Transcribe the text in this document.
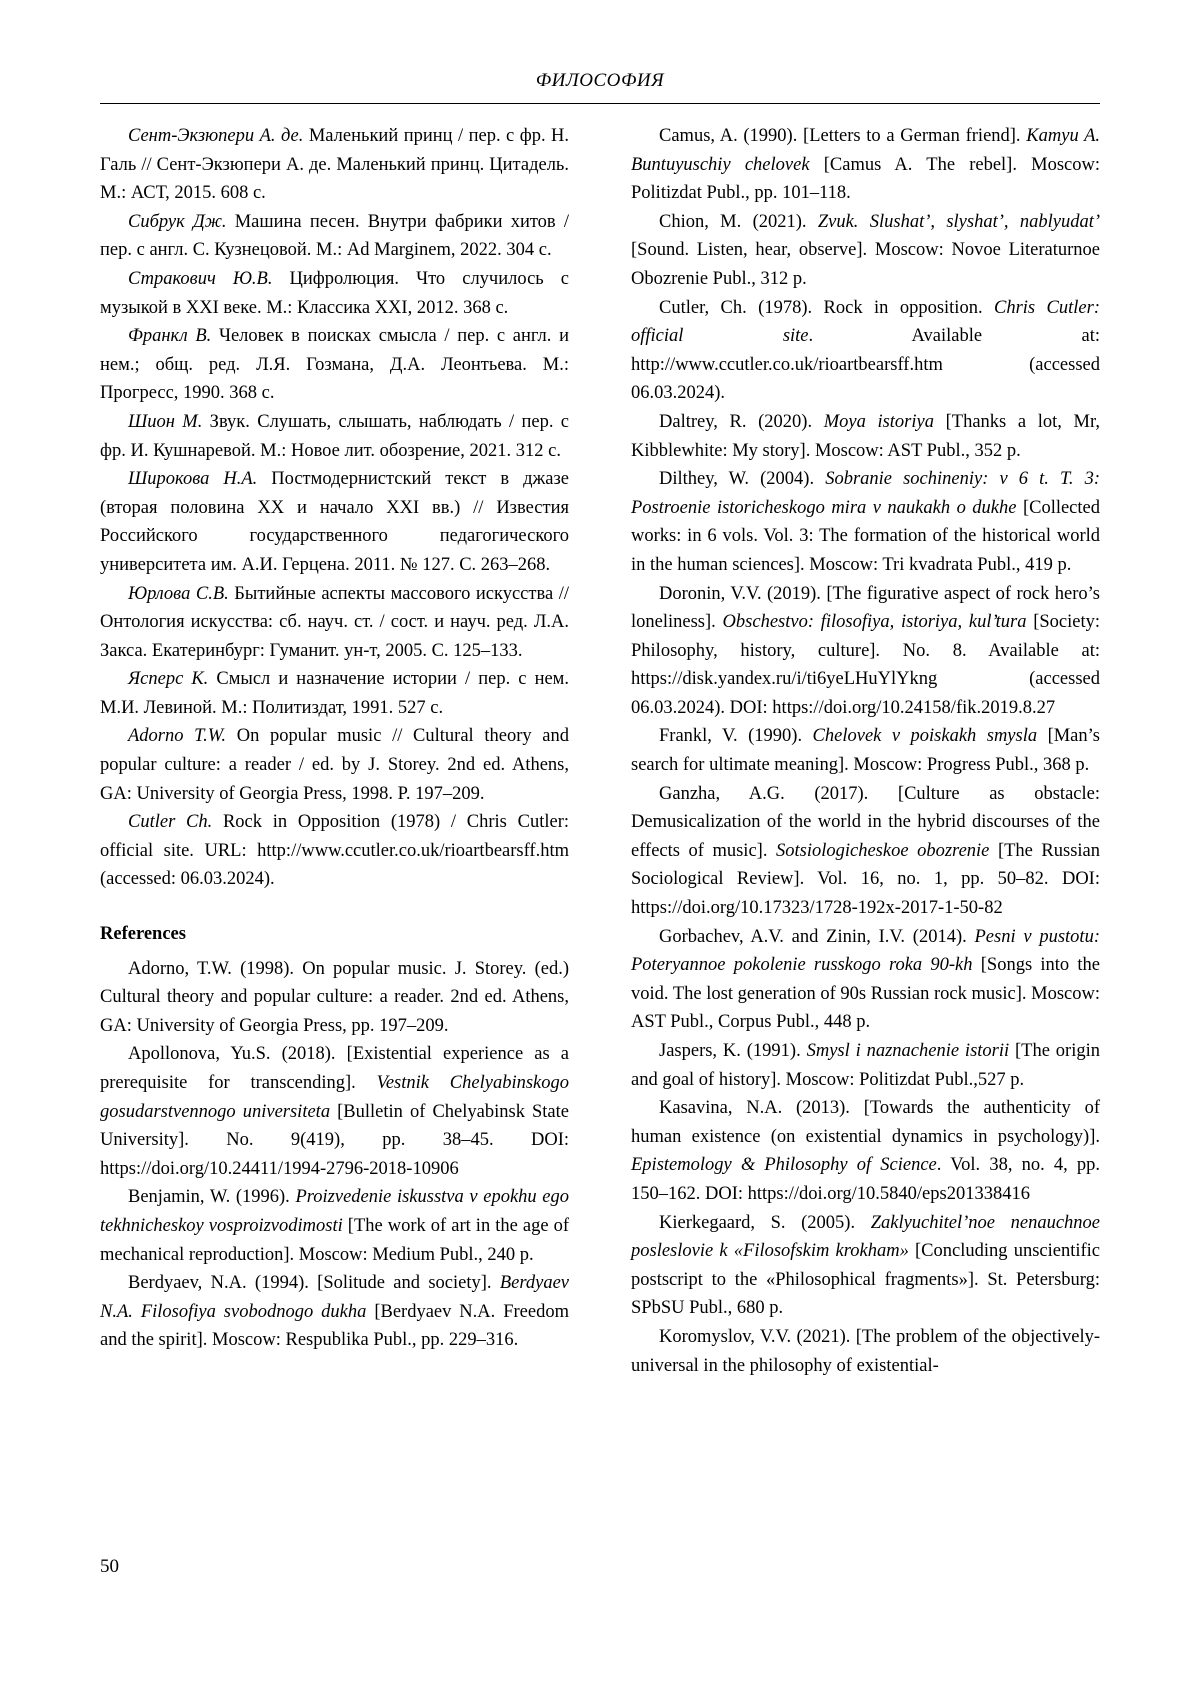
ФИЛОСОФИЯ

Сент-Экзюпери А. де. Маленький принц / пер. с фр. Н. Галь // Сент-Экзюпери А. де. Маленький принц. Цитадель. М.: АСТ, 2015. 608 с.

Сибрук Дж. Машина песен. Внутри фабрики хитов / пер. с англ. С. Кузнецовой. М.: Ad Marginem, 2022. 304 с.

Стракович Ю.В. Цифролюция. Что случилось с музыкой в XXI веке. М.: Классика XXI, 2012. 368 с.

Франкл В. Человек в поисках смысла / пер. с англ. и нем.; общ. ред. Л.Я. Гозмана, Д.А. Леонтьева. М.: Прогресс, 1990. 368 с.

Шион М. Звук. Слушать, слышать, наблюдать / пер. с фр. И. Кушнаревой. М.: Новое лит. обозрение, 2021. 312 с.

Широкова Н.А. Постмодернистский текст в джазе (вторая половина XX и начало XXI вв.) // Известия Российского государственного педагогического университета им. А.И. Герцена. 2011. № 127. С. 263–268.

Юрлова С.В. Бытийные аспекты массового искусства // Онтология искусства: сб. науч. ст. / сост. и науч. ред. Л.А. Закса. Екатеринбург: Гуманит. ун-т, 2005. С. 125–133.

Ясперс К. Смысл и назначение истории / пер. с нем. М.И. Левиной. М.: Политиздат, 1991. 527 с.

Adorno T.W. On popular music // Cultural theory and popular culture: a reader / ed. by J. Storey. 2nd ed. Athens, GA: University of Georgia Press, 1998. P. 197–209.

Cutler Ch. Rock in Opposition (1978) / Chris Cutler: official site. URL: http://www.ccutler.co.uk/rioartbearsff.htm (accessed: 06.03.2024).

References

Adorno, T.W. (1998). On popular music. J. Storey. (ed.) Cultural theory and popular culture: a reader. 2nd ed. Athens, GA: University of Georgia Press, pp. 197–209.

Apollonova, Yu.S. (2018). [Existential experience as a prerequisite for transcending]. Vestnik Chelyabinskogo gosudarstvennogo universiteta [Bulletin of Chelyabinsk State University]. No. 9(419), pp. 38–45. DOI: https://doi.org/10.24411/1994-2796-2018-10906

Benjamin, W. (1996). Proizvedenie iskusstva v epokhu ego tekhnicheskoy vosproizvodimosti [The work of art in the age of mechanical reproduction]. Moscow: Medium Publ., 240 p.

Berdyaev, N.A. (1994). [Solitude and society]. Berdyaev N.A. Filosofiya svobodnogo dukha [Berdyaev N.A. Freedom and the spirit]. Moscow: Respublika Publ., pp. 229–316.

Camus, A. (1990). [Letters to a German friend]. Kamyu A. Buntuyuschiy chelovek [Camus A. The rebel]. Moscow: Politizdat Publ., pp. 101–118.

Chion, M. (2021). Zvuk. Slushat’, slyshat’, nablyudat’ [Sound. Listen, hear, observe]. Moscow: Novoe Literaturnoe Obozrenie Publ., 312 p.

Cutler, Ch. (1978). Rock in opposition. Chris Cutler: official site. Available at: http://www.ccutler.co.uk/rioartbearsff.htm (accessed 06.03.2024).

Daltrey, R. (2020). Moya istoriya [Thanks a lot, Mr, Kibblewhite: My story]. Moscow: AST Publ., 352 p.

Dilthey, W. (2004). Sobranie sochineniy: v 6 t. T. 3: Postroenie istoricheskogo mira v naukakh o dukhe [Collected works: in 6 vols. Vol. 3: The formation of the historical world in the human sciences]. Moscow: Tri kvadrata Publ., 419 p.

Doronin, V.V. (2019). [The figurative aspect of rock hero’s loneliness]. Obschestvo: filosofiya, istoriya, kul’tura [Society: Philosophy, history, culture]. No. 8. Available at: https://disk.yandex.ru/i/ti6yeLHuYlYkng (accessed 06.03.2024). DOI: https://doi.org/10.24158/fik.2019.8.27

Frankl, V. (1990). Chelovek v poiskakh smysla [Man’s search for ultimate meaning]. Moscow: Progress Publ., 368 p.

Ganzha, A.G. (2017). [Culture as obstacle: Demusicalization of the world in the hybrid discourses of the effects of music]. Sotsiologicheskoe obozrenie [The Russian Sociological Review]. Vol. 16, no. 1, pp. 50–82. DOI: https://doi.org/10.17323/1728-192x-2017-1-50-82

Gorbachev, A.V. and Zinin, I.V. (2014). Pesni v pustotu: Poteryannoe pokolenie russkogo roka 90-kh [Songs into the void. The lost generation of 90s Russian rock music]. Moscow: AST Publ., Corpus Publ., 448 p.

Jaspers, K. (1991). Smysl i naznachenie istorii [The origin and goal of history]. Moscow: Politizdat Publ.,527 p.

Kasavina, N.A. (2013). [Towards the authenticity of human existence (on existential dynamics in psychology)]. Epistemology & Philosophy of Science. Vol. 38, no. 4, pp. 150–162. DOI: https://doi.org/10.5840/eps201338416

Kierkegaard, S. (2005). Zaklyuchitel’noe nenauchnoe posleslovie k «Filosofskim krokham» [Concluding unscientific postscript to the «Philosophical fragments»]. St. Petersburg: SPbSU Publ., 680 p.

Koromyslov, V.V. (2021). [The problem of the objectively-universal in the philosophy of existential-

50
